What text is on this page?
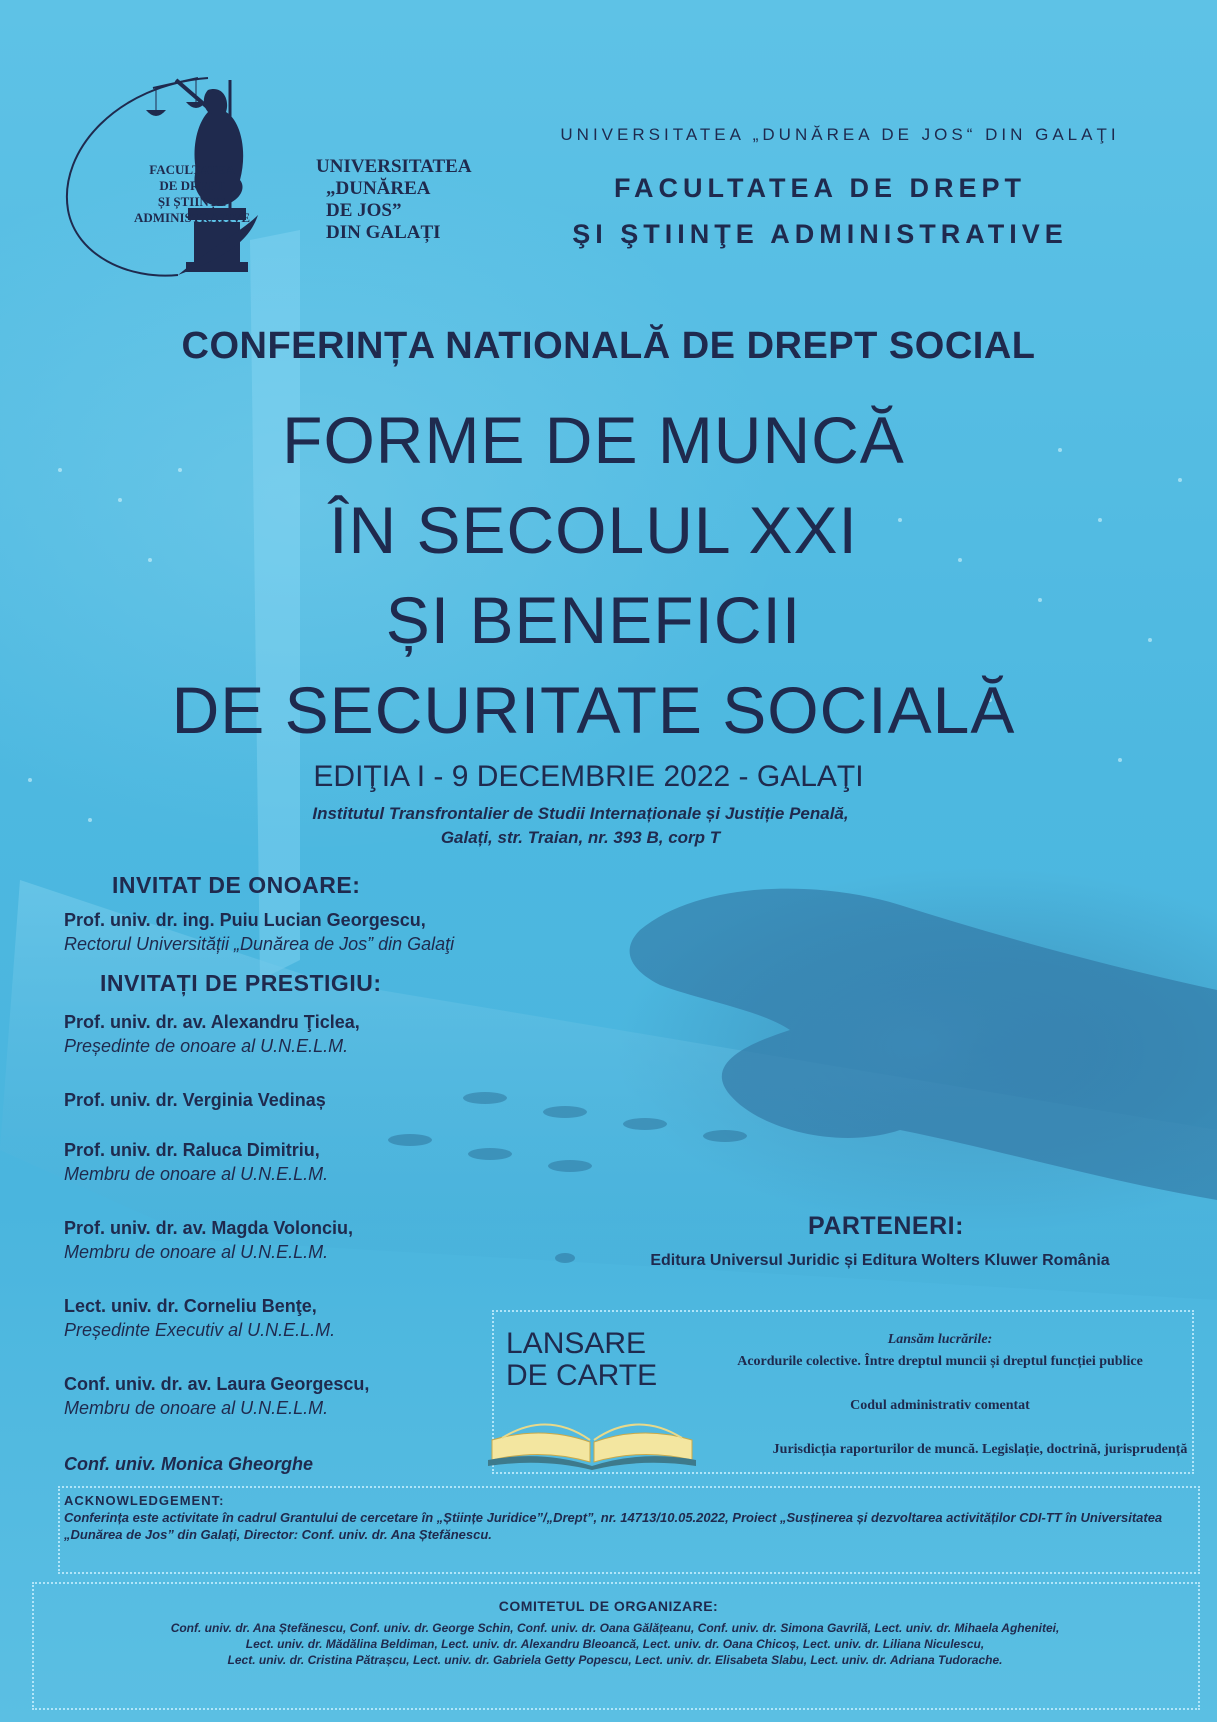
FACULTATEA
DE DREPT
ȘI ȘTIINȚE
ADMINISTRATIVE
UNIVERSITATEA
„DUNĂREA
DE JOS”
DIN GALAȚI
UNIVERSITATEA „DUNĂREA DE JOS“ DIN GALAŢI
FACULTATEA DE DREPT
ŞI ŞTIINŢE ADMINISTRATIVE
CONFERINȚA NATIONALĂ DE DREPT SOCIAL
FORME DE MUNCĂ
ÎN SECOLUL XXI
ȘI BENEFICII
DE SECURITATE SOCIALĂ
EDIŢIA I - 9 DECEMBRIE 2022 - GALAŢI
Institutul Transfrontalier de Studii Internaționale și Justiție Penală,
Galați, str. Traian, nr. 393 B, corp T
INVITAT DE ONOARE:
Prof. univ. dr. ing. Puiu Lucian Georgescu,
Rectorul Universității „Dunărea de Jos” din Galaţi
INVITAȚI DE PRESTIGIU:
Prof. univ. dr. av. Alexandru Ţiclea,
Președinte de onoare al U.N.E.L.M.
Prof. univ. dr. Verginia Vedinaș
Prof. univ. dr. Raluca Dimitriu,
Membru de onoare al U.N.E.L.M.
Prof. univ. dr. av. Magda Volonciu,
Membru de onoare al U.N.E.L.M.
Lect. univ. dr. Corneliu Benţe,
Președinte Executiv al U.N.E.L.M.
Conf. univ. dr. av. Laura Georgescu,
Membru de onoare al U.N.E.L.M.
Conf. univ. Monica Gheorghe
PARTENERI:
Editura Universul Juridic și Editura Wolters Kluwer România
LANSARE
DE CARTE
Lansăm lucrările:
Acordurile colective. Între dreptul muncii și dreptul funcției publice
Codul administrativ comentat
Jurisdicția raporturilor de muncă. Legislație, doctrină, jurisprudență
ACKNOWLEDGEMENT:
Conferința este activitate în cadrul Grantului de cercetare în „Științe Juridice”/„Drept”, nr. 14713/10.05.2022, Proiect „Susținerea și dezvoltarea activităților CDI-TT în Universitatea „Dunărea de Jos” din Galați, Director: Conf. univ. dr. Ana Ștefănescu.
COMITETUL DE ORGANIZARE:
Conf. univ. dr. Ana Ștefănescu, Conf. univ. dr. George Schin, Conf. univ. dr. Oana Gălățeanu, Conf. univ. dr. Simona Gavrilă, Lect. univ. dr. Mihaela Aghenitei,
Lect. univ. dr. Mădălina Beldiman, Lect. univ. dr. Alexandru Bleoancă, Lect. univ. dr. Oana Chicoș, Lect. univ. dr. Liliana Niculescu,
Lect. univ. dr. Cristina Pătrașcu, Lect. univ. dr. Gabriela Getty Popescu, Lect. univ. dr. Elisabeta Slabu, Lect. univ. dr. Adriana Tudorache.
